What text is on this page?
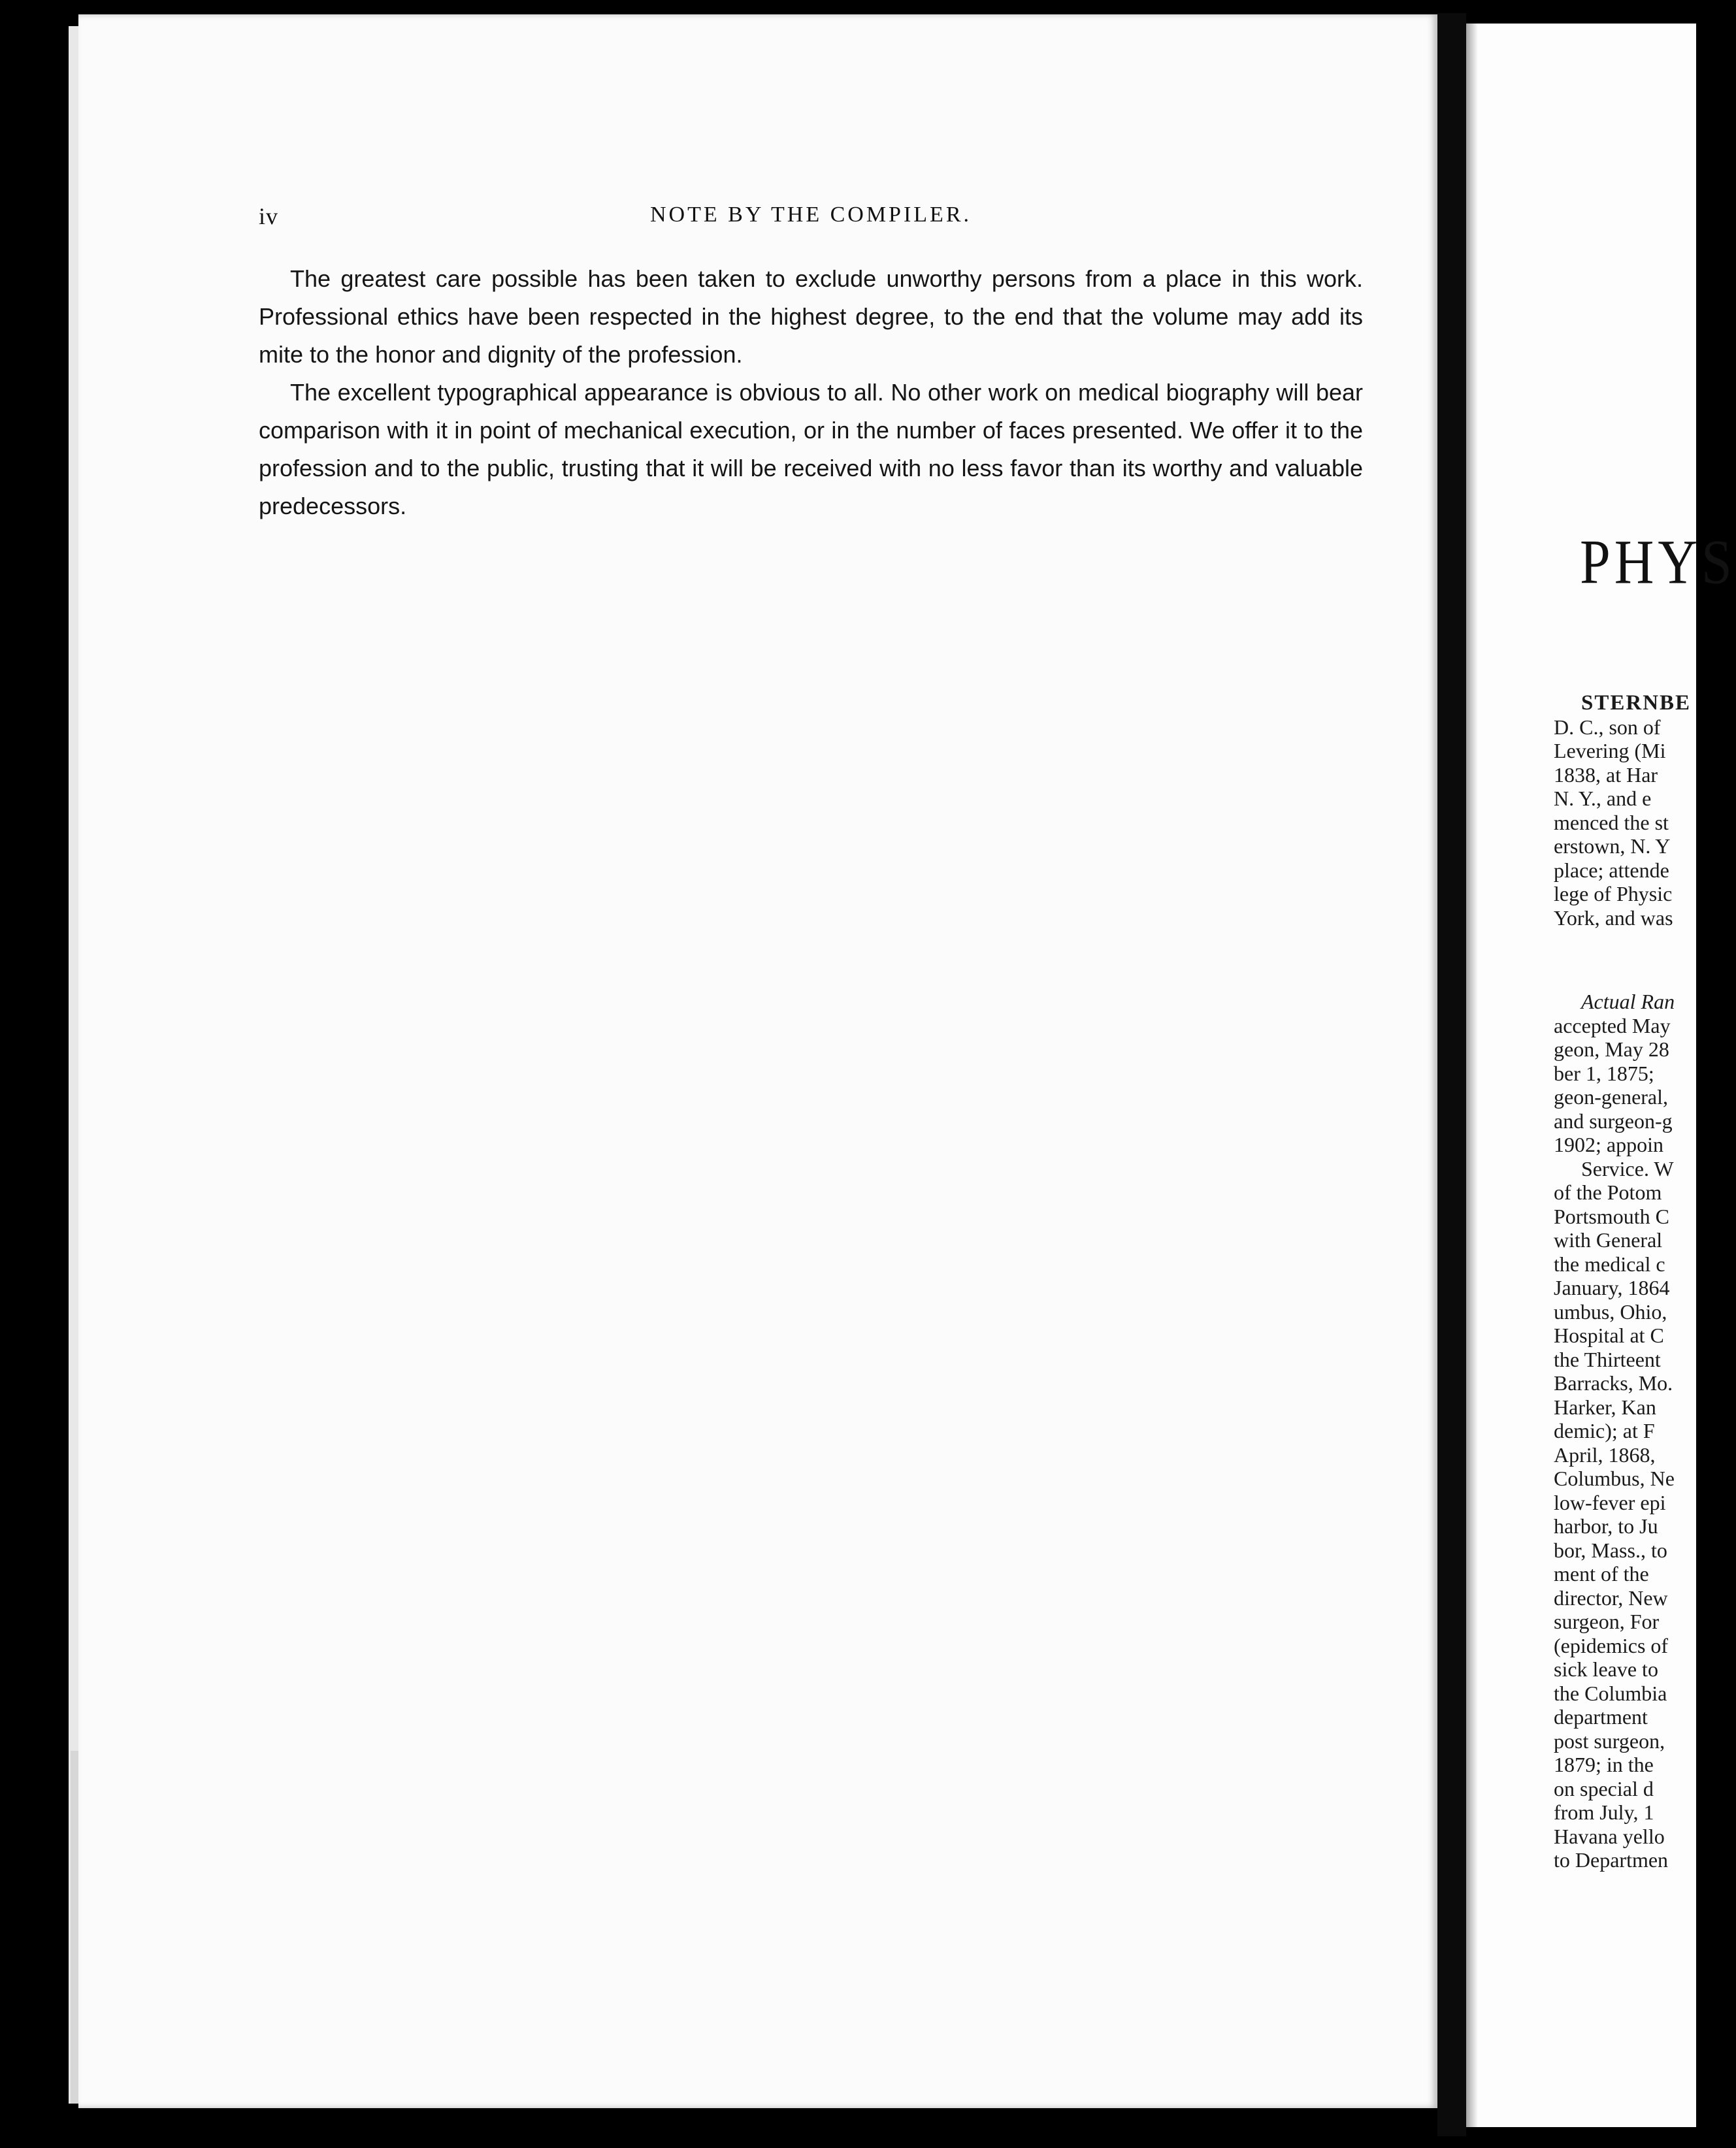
iv	NOTE BY THE COMPILER.

The greatest care possible has been taken to exclude unworthy persons from a place in this work. Professional ethics have been respected in the highest degree, to the end that the volume may add its mite to the honor and dignity of the profession.

The excellent typographical appearance is obvious to all. No other work on medical biography will bear comparison with it in point of mechanical execution, or in the number of faces presented. We offer it to the profession and to the public, trusting that it will be received with no less favor than its worthy and valuable predecessors.

PHYS
STERNBE
D. C., son of
Levering (Mi
1838, at Har
N. Y., and e
menced the st
erstown, N. Y
place; attende
lege of Physic
York, and was
Actual Ran
accepted May
geon, May 28
ber 1, 1875;
geon-general,
and surgeon-g
1902; appoin
Service. W
of the Potom
Portsmouth C
with General
the medical c
January, 1864
umbus, Ohio,
Hospital at C
the Thirteent
Barracks, Mo.
Harker, Kan
demic); at F
April, 1868,
Columbus, Ne
low-fever epi
harbor, to Ju
bor, Mass., to
ment of the
director, New
surgeon, For
(epidemics of
sick leave to
the Columbia
department
post surgeon,
1879; in the
on special d
from July, 1
Havana yello
to Departmen
